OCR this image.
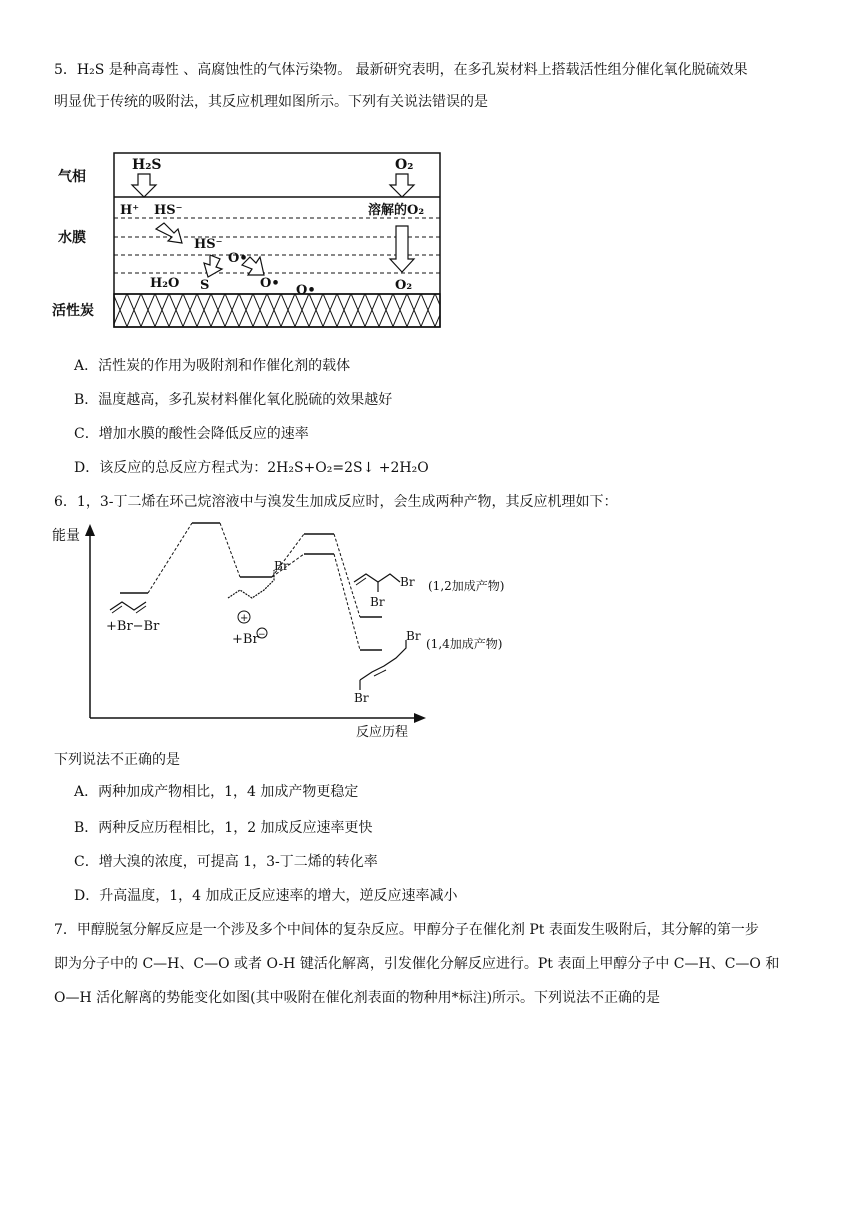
5．H₂S 是种高毒性 、高腐蚀性的气体污染物。 最新研究表明，在多孔炭材料上搭载活性组分催化氧化脱硫效果
明显优于传统的吸附法，其反应机理如图所示。下列有关说法错误的是
气相
水膜
活性炭
H₂S	O₂
H⁺ HS⁻	溶解的O₂
HS⁻
O•
O• O•
H₂O S	O₂
A．活性炭的作用为吸附剂和作催化剂的载体
B．温度越高，多孔炭材料催化氧化脱硫的效果越好
C．增加水膜的酸性会降低反应的速率
D．该反应的总反应方程式为：2H₂S+O₂=2S↓ +2H₂O
6．1，3-丁二烯在环己烷溶液中与溴发生加成反应时，会生成两种产物，其反应机理如下：
能量
反应历程
+Br−Br
Br
+
+Br −
Br
Br
(1,2加成产物)
Br
Br
(1,4加成产物)
下列说法不正确的是
A．两种加成产物相比，1，4 加成产物更稳定
B．两种反应历程相比，1，2 加成反应速率更快
C．增大溴的浓度，可提高 1，3-丁二烯的转化率
D．升高温度，1，4 加成正反应速率的增大，逆反应速率减小
7．甲醇脱氢分解反应是一个涉及多个中间体的复杂反应。甲醇分子在催化剂 Pt 表面发生吸附后，其分解的第一步
即为分子中的 C—H、C—O 或者 O-H 键活化解离，引发催化分解反应进行。Pt 表面上甲醇分子中 C—H、C—O 和
O—H 活化解离的势能变化如图(其中吸附在催化剂表面的物种用*标注)所示。下列说法不正确的是
